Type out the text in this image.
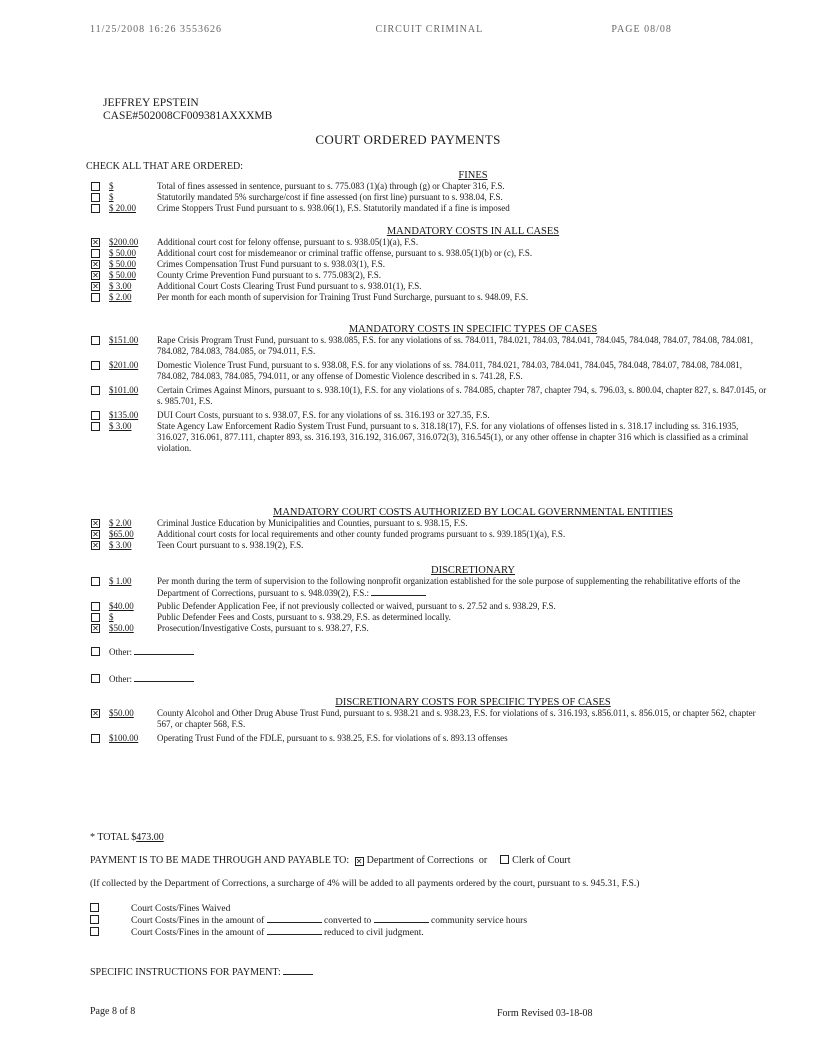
11/25/2008 16:26 3553626	CIRCUIT CRIMINAL	PAGE 08/08
JEFFREY EPSTEIN
CASE#502008CF009381AXXXMB
COURT ORDERED PAYMENTS
CHECK ALL THAT ARE ORDERED:
FINES
$	Total of fines assessed in sentence, pursuant to s. 775.083 (1)(a) through (g) or Chapter 316, F.S.
$	Statutorily mandated 5% surcharge/cost if fine assessed (on first line) pursuant to s. 938.04, F.S.
$ 20.00	Crime Stoppers Trust Fund pursuant to s. 938.06(1), F.S. Statutorily mandated if a fine is imposed
MANDATORY COSTS IN ALL CASES
✕ $200.00	Additional court cost for felony offense, pursuant to s. 938.05(1)(a), F.S.
$ 50.00	Additional court cost for misdemeanor or criminal traffic offense, pursuant to s. 938.05(1)(b) or (c), F.S.
✕ $ 50.00	Crimes Compensation Trust Fund pursuant to s. 938.03(1), F.S.
✕ $ 50.00	County Crime Prevention Fund pursuant to s. 775.083(2), F.S.
✕ $ 3.00	Additional Court Costs Clearing Trust Fund pursuant to s. 938.01(1), F.S.
$ 2.00	Per month for each month of supervision for Training Trust Fund Surcharge, pursuant to s. 948.09, F.S.
MANDATORY COSTS IN SPECIFIC TYPES OF CASES
$151.00	Rape Crisis Program Trust Fund, pursuant to s. 938.085, F.S. for any violations of ss. 784.011, 784.021, 784.03, 784.041, 784.045, 784.048, 784.07, 784.08, 784.081, 784.082, 784.083, 784.085, or 794.011, F.S.
$201.00	Domestic Violence Trust Fund, pursuant to s. 938.08, F.S. for any violations of ss. 784.011, 784.021, 784.03, 784.041, 784.045, 784.048, 784.07, 784.08, 784.081, 784.082, 784.083, 784.085, 794.011, or any offense of Domestic Violence described in s. 741.28, F.S.
$101.00	Certain Crimes Against Minors, pursuant to s. 938.10(1), F.S. for any violations of s. 784.085, chapter 787, chapter 794, s. 796.03, s. 800.04, chapter 827, s. 847.0145, or s. 985.701, F.S.
$135.00	DUI Court Costs, pursuant to s. 938.07, F.S. for any violations of ss. 316.193 or 327.35, F.S.
$ 3.00	State Agency Law Enforcement Radio System Trust Fund, pursuant to s. 318.18(17), F.S. for any violations of offenses listed in s. 318.17 including ss. 316.1935, 316.027, 316.061, 877.111, chapter 893, ss. 316.193, 316.192, 316.067, 316.072(3), 316.545(1), or any other offense in chapter 316 which is classified as a criminal violation.
MANDATORY COURT COSTS AUTHORIZED BY LOCAL GOVERNMENTAL ENTITIES
✕ $ 2.00	Criminal Justice Education by Municipalities and Counties, pursuant to s. 938.15, F.S.
✕ $65.00	Additional court costs for local requirements and other county funded programs pursuant to s. 939.185(1)(a), F.S.
✕ $ 3.00	Teen Court pursuant to s. 938.19(2), F.S.
DISCRETIONARY
$ 1.00	Per month during the term of supervision to the following nonprofit organization established for the sole purpose of supplementing the rehabilitative efforts of the Department of Corrections, pursuant to s. 948.039(2), F.S.:
$40.00	Public Defender Application Fee, if not previously collected or waived, pursuant to s. 27.52 and s. 938.29, F.S.
$	Public Defender Fees and Costs, pursuant to s. 938.29, F.S. as determined locally.
✕ $50.00	Prosecution/Investigative Costs, pursuant to s. 938.27, F.S.
Other:
Other:
DISCRETIONARY COSTS FOR SPECIFIC TYPES OF CASES
✕ $50.00	County Alcohol and Other Drug Abuse Trust Fund, pursuant to s. 938.21 and s. 938.23, F.S. for violations of s. 316.193, s.856.011, s. 856.015, or chapter 562, chapter 567, or chapter 568, F.S.
$100.00	Operating Trust Fund of the FDLE, pursuant to s. 938.25, F.S. for violations of s. 893.13 offenses
* TOTAL $473.00
PAYMENT IS TO BE MADE THROUGH AND PAYABLE TO: ✕ Department of Corrections or	Clerk of Court
(If collected by the Department of Corrections, a surcharge of 4% will be added to all payments ordered by the court, pursuant to s. 945.31, F.S.)
Court Costs/Fines Waived
Court Costs/Fines in the amount of	converted to	community service hours
Court Costs/Fines in the amount of	reduced to civil judgment.
SPECIFIC INSTRUCTIONS FOR PAYMENT:
Page 8 of 8	Form Revised 03-18-08
